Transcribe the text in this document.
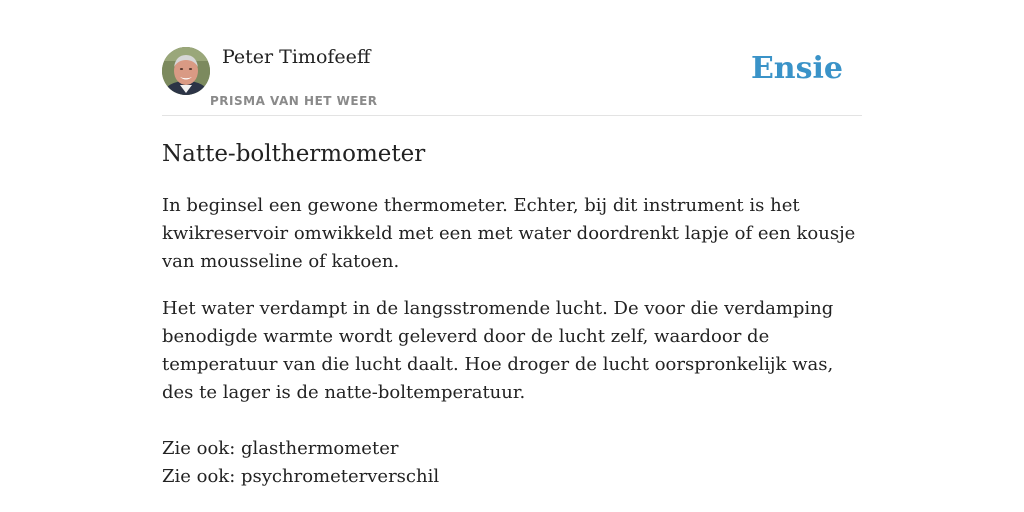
Peter Timofeeff
PRISMA VAN HET WEER
Ensie
Natte-bolthermometer

In beginsel een gewone thermometer. Echter, bij dit instrument is het kwikreservoir omwikkeld met een met water doordrenkt lapje of een kousje van mousseline of katoen.

Het water verdampt in de langsstromende lucht. De voor die verdamping benodigde warmte wordt geleverd door de lucht zelf, waardoor de temperatuur van die lucht daalt. Hoe droger de lucht oorspronkelijk was, des te lager is de natte-boltemperatuur.

Zie ook: glasthermometer
Zie ook: psychrometerverschil
